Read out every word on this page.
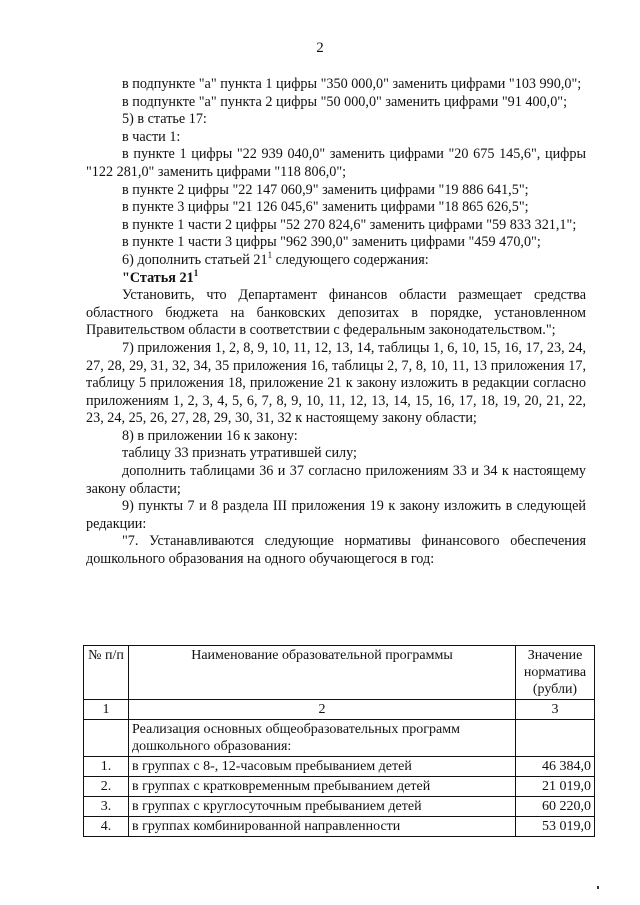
2

в подпункте "а" пункта 1 цифры "350 000,0" заменить цифрами "103 990,0";

в подпункте "а" пункта 2 цифры "50 000,0" заменить цифрами "91 400,0";

5) в статье 17:

в части 1:

в пункте 1 цифры "22 939 040,0" заменить цифрами "20 675 145,6", цифры "122 281,0" заменить цифрами "118 806,0";

в пункте 2 цифры "22 147 060,9" заменить цифрами "19 886 641,5";

в пункте 3 цифры "21 126 045,6" заменить цифрами "18 865 626,5";

в пункте 1 части 2 цифры "52 270 824,6" заменить цифрами "59 833 321,1";

в пункте 1 части 3 цифры "962 390,0" заменить цифрами "459 470,0";

6) дополнить статьей $21^1$ следующего содержания:

"Статья $21^1$

Установить, что Департамент финансов области размещает средства областного бюджета на банковских депозитах в порядке, установленном Правительством области в соответствии с федеральным законодательством.";

7) приложения 1, 2, 8, 9, 10, 11, 12, 13, 14, таблицы 1, 6, 10, 15, 16, 17, 23, 24, 27, 28, 29, 31, 32, 34, 35 приложения 16, таблицы 2, 7, 8, 10, 11, 13 приложения 17, таблицу 5 приложения 18, приложение 21 к закону изложить в редакции согласно приложениям 1, 2, 3, 4, 5, 6, 7, 8, 9, 10, 11, 12, 13, 14, 15, 16, 17, 18, 19, 20, 21, 22, 23, 24, 25, 26, 27, 28, 29, 30, 31, 32 к настоящему закону области;

8) в приложении 16 к закону:

таблицу 33 признать утратившей силу;

дополнить таблицами 36 и 37 согласно приложениям 33 и 34 к настоящему закону области;

9) пункты 7 и 8 раздела III приложения 19 к закону изложить в следующей редакции:

"7. Устанавливаются следующие нормативы финансового обеспечения дошкольного образования на одного обучающегося в год:

№ п/п	Наименование образовательной программы	Значение норматива (рубли)
1	2	3
	Реализация основных общеобразовательных программ дошкольного образования:	
1.	в группах с 8-, 12-часовым пребыванием детей	46 384,0
2.	в группах с кратковременным пребыванием детей	21 019,0
3.	в группах с круглосуточным пребыванием детей	60 220,0
4.	в группах комбинированной направленности	53 019,0
